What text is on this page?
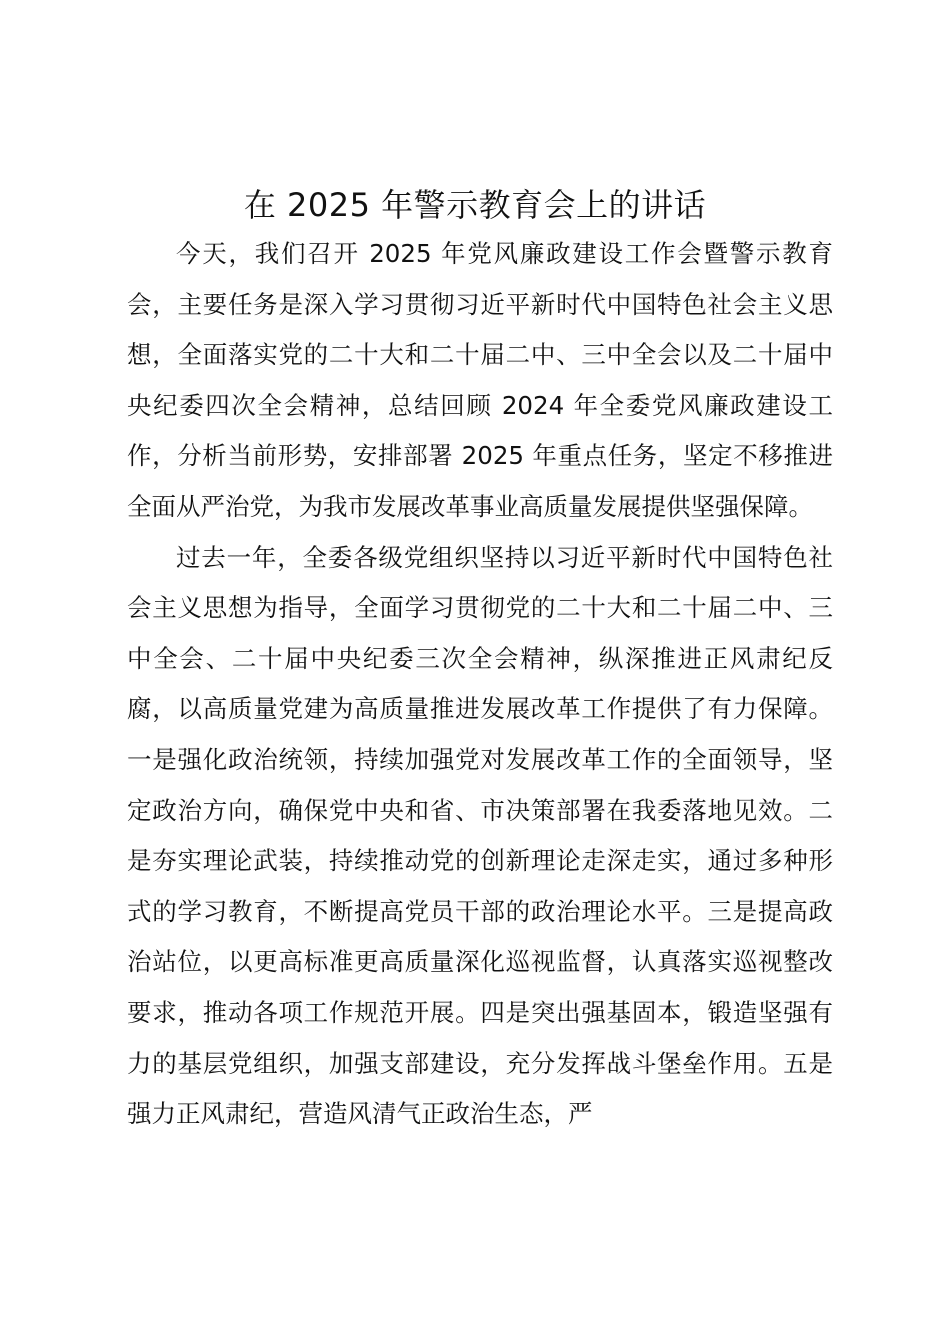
在 2025 年警示教育会上的讲话

今天，我们召开 2025 年党风廉政建设工作会暨警示教育会，主要任务是深入学习贯彻习近平新时代中国特色社会主义思想，全面落实党的二十大和二十届二中、三中全会以及二十届中央纪委四次全会精神，总结回顾 2024 年全委党风廉政建设工作，分析当前形势，安排部署 2025 年重点任务，坚定不移推进全面从严治党，为我市发展改革事业高质量发展提供坚强保障。

过去一年，全委各级党组织坚持以习近平新时代中国特色社会主义思想为指导，全面学习贯彻党的二十大和二十届二中、三中全会、二十届中央纪委三次全会精神，纵深推进正风肃纪反腐，以高质量党建为高质量推进发展改革工作提供了有力保障。一是强化政治统领，持续加强党对发展改革工作的全面领导，坚定政治方向，确保党中央和省、市决策部署在我委落地见效。二是夯实理论武装，持续推动党的创新理论走深走实，通过多种形式的学习教育，不断提高党员干部的政治理论水平。三是提高政治站位，以更高标准更高质量深化巡视监督，认真落实巡视整改要求，推动各项工作规范开展。四是突出强基固本，锻造坚强有力的基层党组织，加强支部建设，充分发挥战斗堡垒作用。五是强力正风肃纪，营造风清气正政治生态，严
